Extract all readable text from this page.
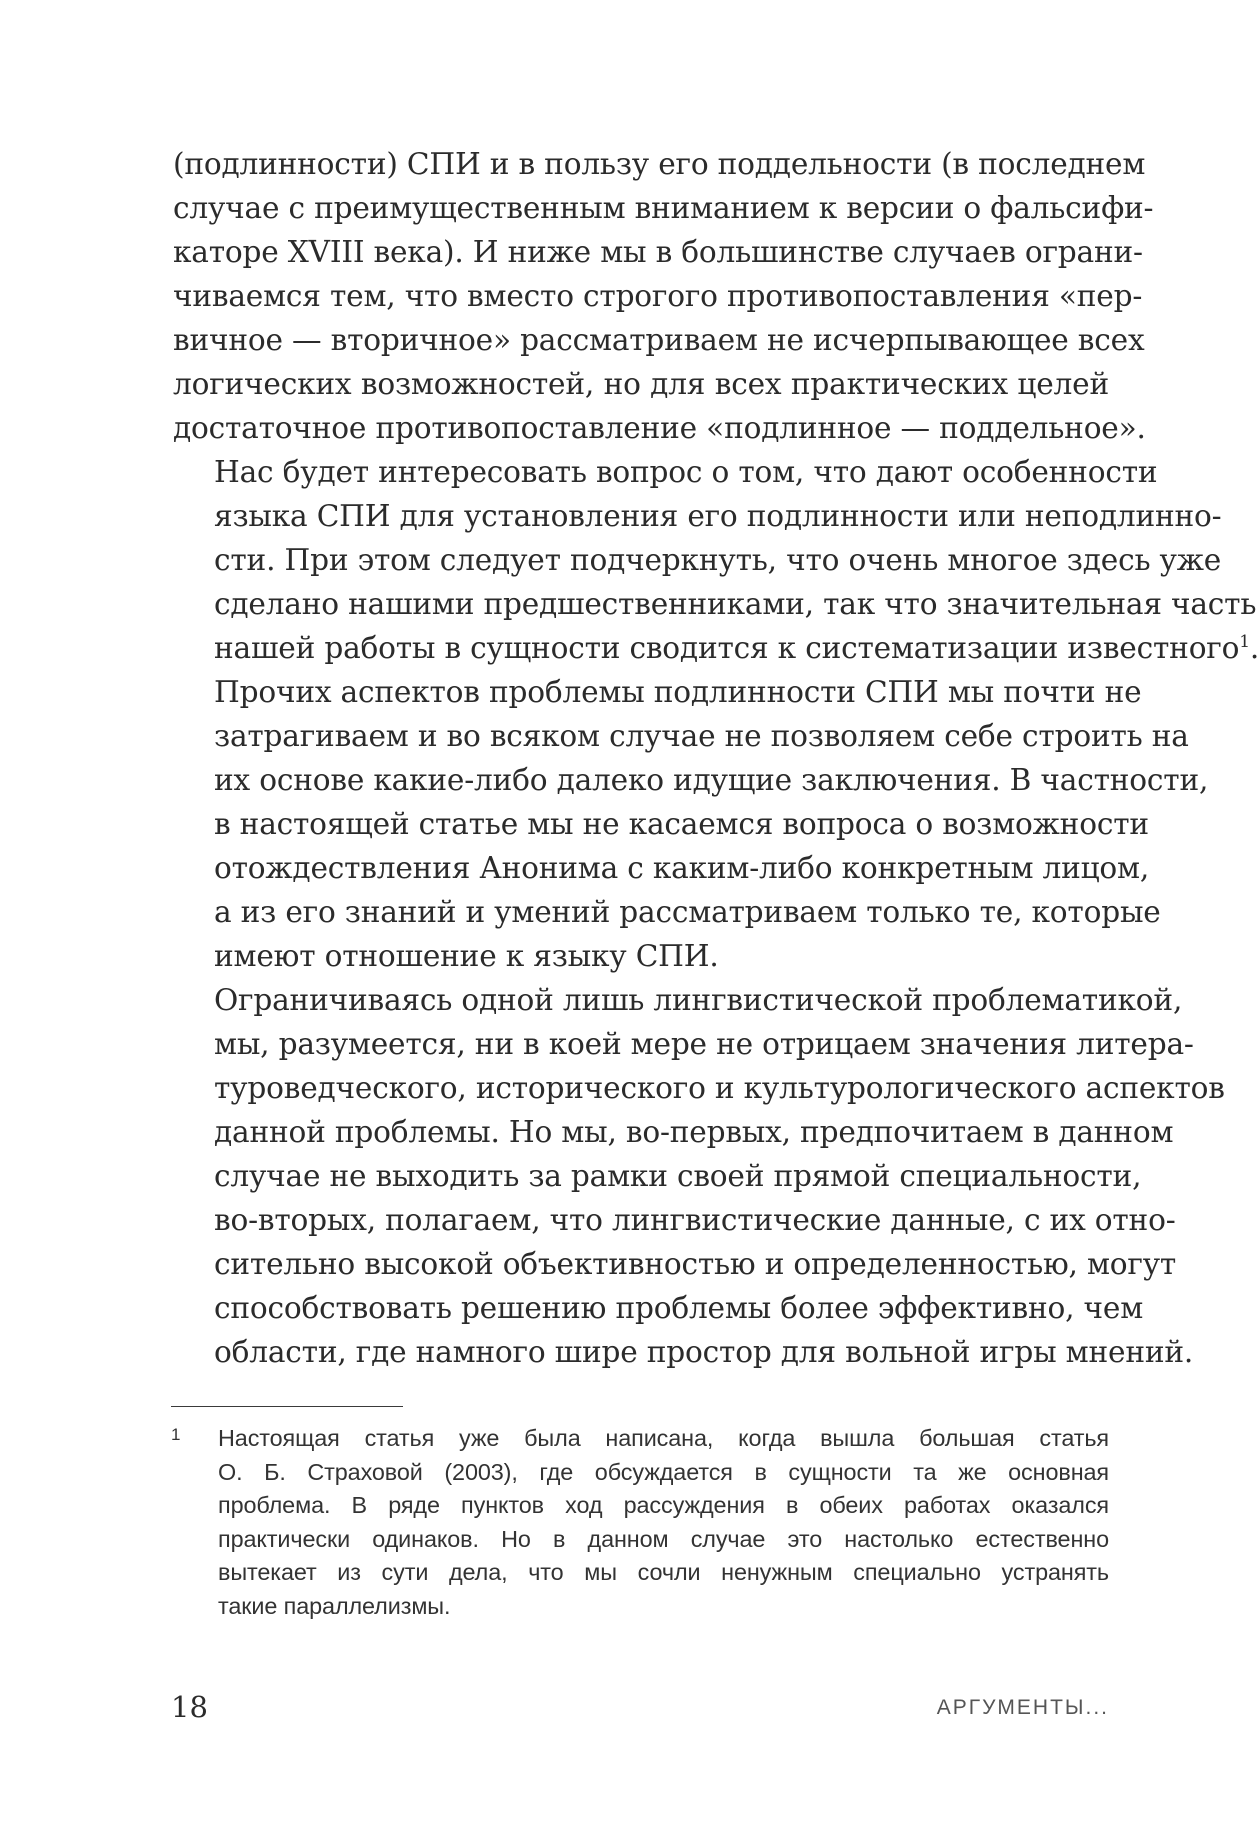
(подлинности) СПИ и в пользу его поддельности (в последнем
случае с преимущественным вниманием к версии о фальсифи-
каторе XVIII века). И ниже мы в большинстве случаев ограни-
чиваемся тем, что вместо строгого противопоставления «пер-
вичное — вторичное» рассматриваем не исчерпывающее всех
логических возможностей, но для всех практических целей
достаточное противопоставление «подлинное — поддельное».

Нас будет интересовать вопрос о том, что дают особенности
языка СПИ для установления его подлинности или неподлинно-
сти. При этом следует подчеркнуть, что очень многое здесь уже
сделано нашими предшественниками, так что значительная часть
нашей работы в сущности сводится к систематизации известного$^1$.

Прочих аспектов проблемы подлинности СПИ мы почти не
затрагиваем и во всяком случае не позволяем себе строить на
их основе какие-либо далеко идущие заключения. В частности,
в настоящей статье мы не касаемся вопроса о возможности
отождествления Анонима с каким-либо конкретным лицом,
а из его знаний и умений рассматриваем только те, которые
имеют отношение к языку СПИ.

Ограничиваясь одной лишь лингвистической проблематикой,
мы, разумеется, ни в коей мере не отрицаем значения литера-
туроведческого, исторического и культурологического аспектов
данной проблемы. Но мы, во-первых, предпочитаем в данном
случае не выходить за рамки своей прямой специальности,
во-вторых, полагаем, что лингвистические данные, с их отно-
сительно высокой объективностью и определенностью, могут
способствовать решению проблемы более эффективно, чем
области, где намного шире простор для вольной игры мнений.

1 Настоящая статья уже была написана, когда вышла большая статья
О. Б. Страховой (2003), где обсуждается в сущности та же основная
проблема. В ряде пунктов ход рассуждения в обеих работах оказался
практически одинаков. Но в данном случае это настолько естественно
вытекает из сути дела, что мы сочли ненужным специально устранять
такие параллелизмы.
18	АРГУМЕНТЫ...
